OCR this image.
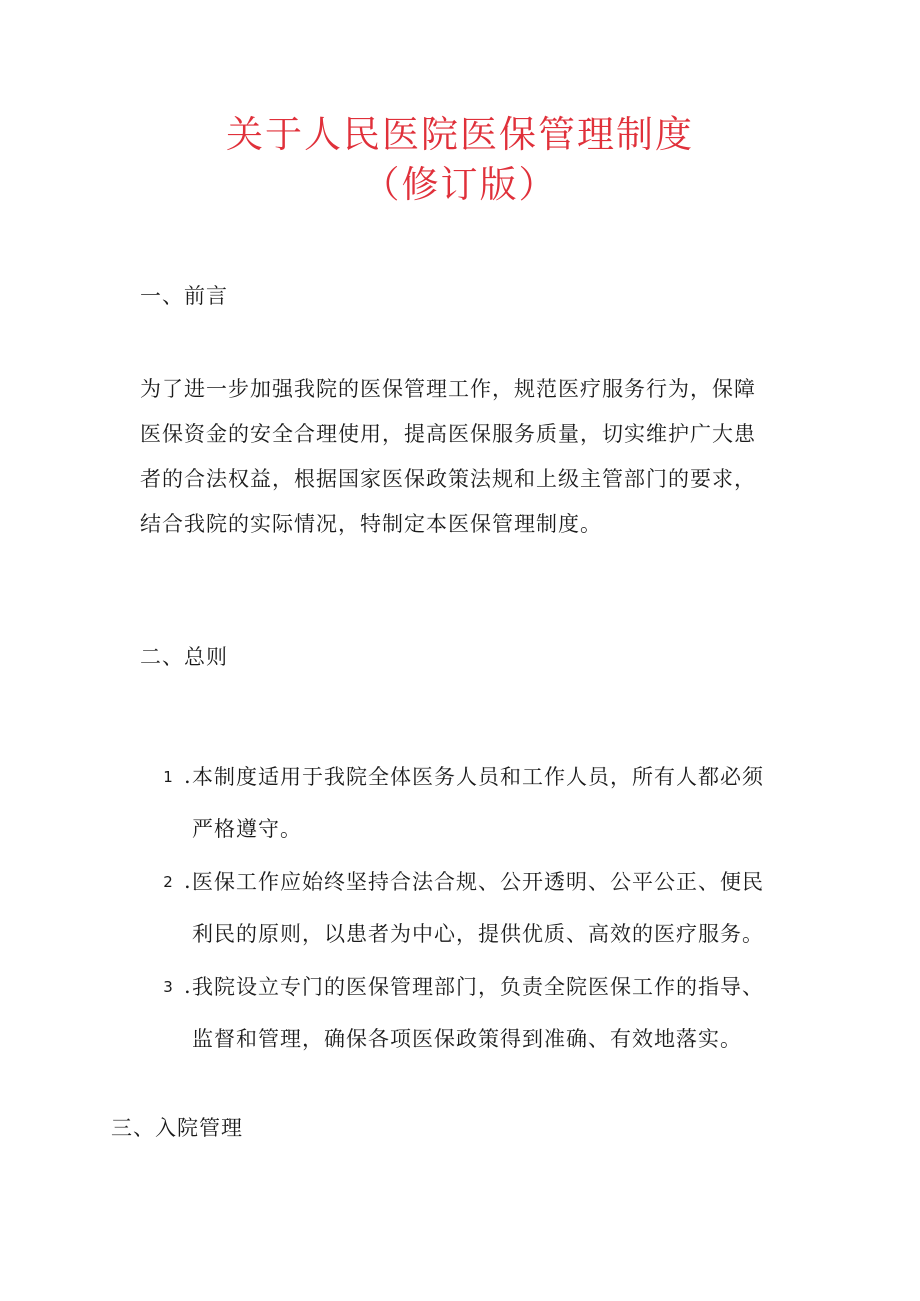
关于人民医院医保管理制度
（修订版）
一、前言
为了进一步加强我院的医保管理工作，规范医疗服务行为，保障
医保资金的安全合理使用，提高医保服务质量，切实维护广大患
者的合法权益，根据国家医保政策法规和上级主管部门的要求，
结合我院的实际情况，特制定本医保管理制度。
二、总则
1 . 本制度适用于我院全体医务人员和工作人员，所有人都必须
严格遵守。
2 . 医保工作应始终坚持合法合规、公开透明、公平公正、便民
利民的原则，以患者为中心，提供优质、高效的医疗服务。
3 . 我院设立专门的医保管理部门，负责全院医保工作的指导、
监督和管理，确保各项医保政策得到准确、有效地落实。
三、入院管理
